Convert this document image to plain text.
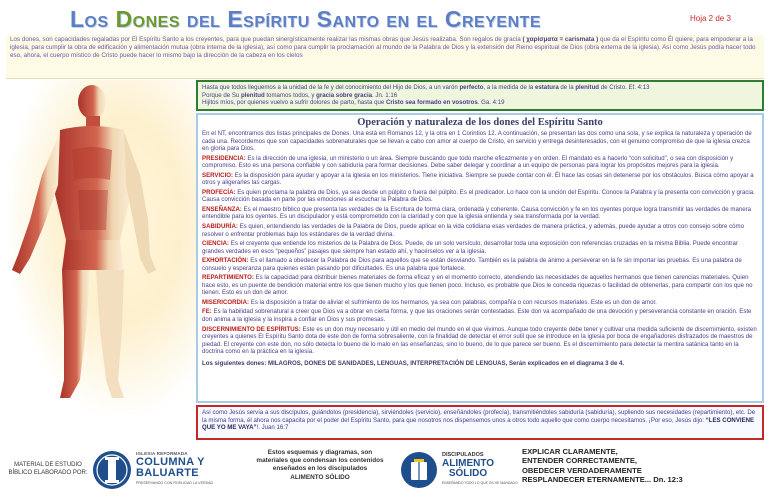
Los Dones del Espíritu Santo en el Creyente	Hoja 2 de 3
Los dones, son capacidades regaladas por El Espíritu Santo a los creyentes, para que puedan sinergísticamente realizar las mismas obras que Jesús realizaba. Son regalos de gracia ( χαρίσματα = carismata ) que da el Espíritu como Él quiere, para empoderar a la iglesia, para cumplir la obra de edificación y alimentación mutua (obra interna de la iglesia), así como para cumplir la proclamación al mundo de la Palabra de Dios y la extensión del Reino espiritual de Dios (obra externa de la iglesia). Así como Jesús podía hacer todo eso, ahora, el cuerpo místico de Cristo puede hacer lo mismo bajo la dirección de la cabeza en los cielos
Hasta que todos lleguemos a la unidad de la fe y del conocimiento del Hijo de Dios, a un varón perfecto, a la medida de la estatura de la plenitud de Cristo. Ef. 4:13
Porque de Su plenitud tomamos todos, y gracia sobre gracia. Jn. 1:16
Hijitos míos, por quienes vuelvo a sufrir dolores de parto, hasta que Cristo sea formado en vosotros. Ga. 4:19
Operación y naturaleza de los dones del Espíritu Santo

En el NT, encontramos dos listas principales de Dones. Una está en Romanos 12, y la otra en 1 Corintios 12. A continuación, se presentan las dos como una sola, y se explica la naturaleza y operación de cada una. Recordemos que son capacidades sobrenaturales que se llevan a cabo con amor al cuerpo de Cristo, en servicio y entrega desinteresados, con el genuino compromiso de que la iglesia crezca en gloria para Dios.

PRESIDENCIA: Es la dirección de una iglesia, un ministerio o un área. Siempre buscando que todo marche eficazmente y en orden. El mandato es a hacerlo “con solicitud”, o sea con disposición y compromiso. Esto es una persona confiable y con sabiduría para formar decisiones. Debe saber delegar y coordinar a un equipo de personas para lograr los propósitos mejores para la iglesia.

SERVICIO: Es la disposición para ayudar y apoyar a la iglesia en los ministerios. Tiene iniciativa. Siempre se puede contar con él. Él hace las cosas sin detenerse por los obstáculos. Busca cómo apoyar a otros y aligerarles las cargas.

PROFECÍA: Es quien proclama la palabra de Dios, ya sea desde un púlpito o fuera del púlpito. Es el predicador. Lo hace con la unción del Espíritu. Conoce la Palabra y la presenta con convicción y gracia. Causa convicción basada en parte por las emociones al escuchar la Palabra de Dios.

ENSEÑANZA: Es el maestro bíblico que presenta las verdades de la Escritura de forma clara, ordenada y coherente. Causa convicción y fe en los oyentes porque logra transmitir las verdades de manera entendible para los oyentes. Es un discipulador y está comprometido con la claridad y con que la iglesia entienda y sea transformada por la verdad.

SABIDURÍA: Es quien, entendiendo las verdades de la Palabra de Dios, puede aplicar en la vida cotidiana esas verdades de manera práctica, y además, puede ayudar a otros con consejo sobre cómo resolver o enfrentar problemas bajo los estándares de la verdad divina.

CIENCIA: Es el creyente que entiende los misterios de la Palabra de Dios. Puede, de un solo versículo, desarrollar toda una exposición con referencias cruzadas en la misma Biblia. Puede encontrar grandes verdades en esos “pequeños” pasajes que siempre han estado ahí, y hacérselos ver a la iglesia.

EXHORTACIÓN: Es el llamado a obedecer la Palabra de Dios para aquellos que se están desviando. También es la palabra de ánimo a perseverar en la fe sin importar las pruebas. Es una palabra de consuelo y esperanza para quienes están pasando por dificultades. Es una palabra que fortalece.

REPARTIMIENTO: Es la capacidad para distribuir bienes materiales de forma eficaz y en el momento correcto, atendiendo las necesidades de aquellos hermanos que tienen carencias materiales. Quien hace esto, es un puente de bendición material entre los que tienen mucho y los que tienen poco. Incluso, es probable que Dios le conceda riquezas o facilidad de obtenerlas, para compartir con los que no tienen. Esto es un don de amor.

MISERICORDIA: Es la disposición a tratar de aliviar el sufrimiento de los hermanos, ya sea con palabras, compañía o con recursos materiales. Este es un don de amor.

FE: Es la habilidad sobrenatural a creer que Dios va a obrar en cierta forma, y que las oraciones serán contestadas. Este don va acompañado de una devoción y perseverancia constante en oración. Este don anima a la iglesia y la inspira a confiar en Dios y sus promesas.

DISCERNIMIENTO DE ESPÍRITUS: Este es un don muy necesario y útil en medio del mundo en el que vivimos. Aunque todo creyente debe tener y cultivar una medida suficiente de discernimiento, existen creyentes a quienes El Espíritu Santo dota de este don de forma sobresaliente, con la finalidad de detectar el error sutil que se introduce en la iglesia por boca de engañadores disfrazados de maestros de piedad. El creyente con este don, no sólo detecta lo bueno de lo malo en las enseñanzas, sino lo bueno, de lo que parece ser bueno. Es el discernimiento para detectar la mentira satánica tanto en la doctrina como en la práctica en la iglesia.

Los siguientes dones: MILAGROS, DONES DE SANIDADES, LENGUAS, INTERPRETACIÓN DE LENGUAS, Serán explicados en el diagrama 3 de 4.

Así como Jesús servía a sus discípulos, guiándolos (presidencia), sirviéndoles (servicio), enseñándoles (profecía), transmitiéndoles sabiduría (sabiduría), supliendo sus necesidades (repartimiento), etc. De la misma forma, él ahora nos capacita por el poder del Espíritu Santo, para que nosotros nos dispensemos unos a otros todo aquello que como cuerpo necesitamos. ¡Por eso, Jesús dijo: “LES CONVIENE QUE YO ME VAYA”!. Juan 16:7
MATERIAL DE ESTUDIO
BÍBLICO ELABORADO POR:
IGLESIA REFORMADA
COLUMNA Y
BALUARTE
PRESERVANDO CON FIDELIDAD LA VERDAD
Estos esquemas y diagramas, son materiales que condensan los contenidos enseñados en los discipulados ALIMENTO SÓLIDO
DISCIPULADOS
ALIMENTO
SÓLIDO
ENSEÑANDO TODO LO QUE OS HE MANDADO
EXPLICAR CLARAMENTE,
ENTENDER CORRECTAMENTE,
OBEDECER VERDADERAMENTE
RESPLANDECER ETERNAMENTE... Dn. 12:3
